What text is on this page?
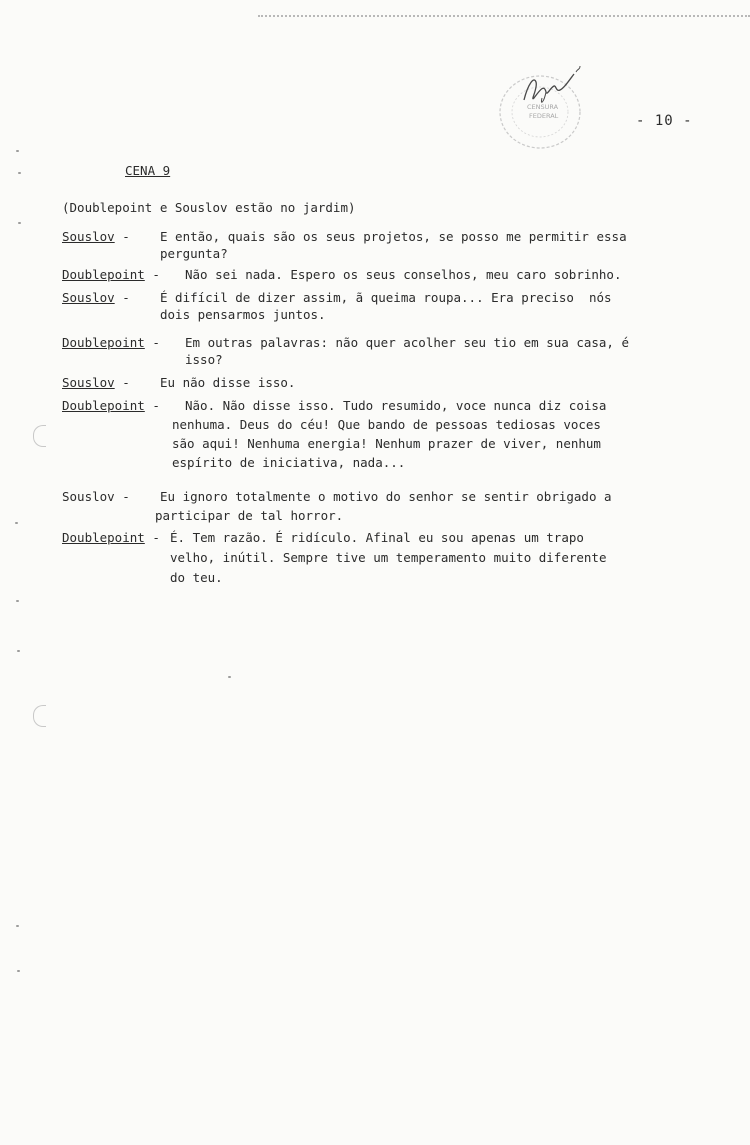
CENSURA
FEDERAL	- 10 -
CENA 9
(Doublepoint e Souslov estão no jardim)
Souslov - E então, quais são os seus projetos, se posso me permitir essa
pergunta?
Doublepoint - Não sei nada. Espero os seus conselhos, meu caro sobrinho.
Souslov - É difícil de dizer assim, ã queima roupa... Era preciso  nós
dois pensarmos juntos.
Doublepoint - Em outras palavras: não quer acolher seu tio em sua casa, é
isso?
Souslov - Eu não disse isso.
Doublepoint - Não. Não disse isso. Tudo resumido, voce nunca diz coisa
nenhuma. Deus do céu! Que bando de pessoas tediosas voces
são aqui! Nenhuma energia! Nenhum prazer de viver, nenhum
espírito de iniciativa, nada...
Souslov - Eu ignoro totalmente o motivo do senhor se sentir obrigado a
participar de tal horror.
Doublepoint - É. Tem razão. É ridículo. Afinal eu sou apenas um trapo
velho, inútil. Sempre tive um temperamento muito diferente
do teu.
